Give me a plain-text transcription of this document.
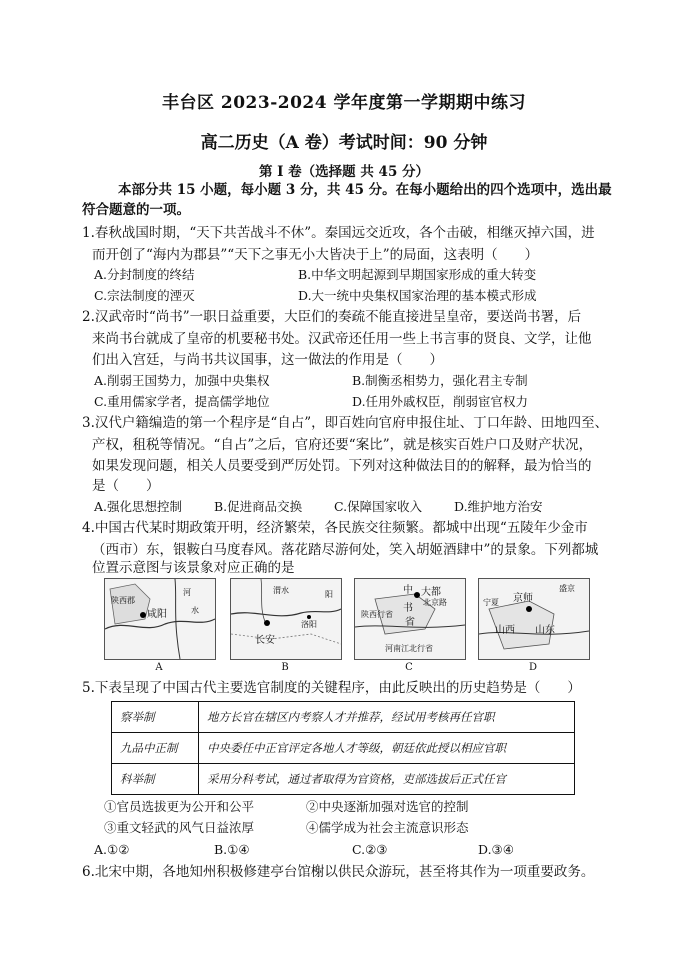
丰台区 2023-2024 学年度第一学期期中练习
高二历史（A 卷）考试时间：90 分钟
第 I 卷（选择题 共 45 分）
本部分共 15 小题，每小题 3 分，共 45 分。在每小题给出的四个选项中，选出最
符合题意的一项。
1.春秋战国时期，“天下共苦战斗不休”。秦国远交近攻，各个击破，相继灭掉六国，进
而开创了“海内为郡县”“天下之事无小大皆决于上”的局面，这表明（　　）
A.分封制度的终结	B.中华文明起源到早期国家形成的重大转变
C.宗法制度的湮灭	D.大一统中央集权国家治理的基本模式形成
2.汉武帝时“尚书”一职日益重要，大臣们的奏疏不能直接进呈皇帝，要送尚书署，后
来尚书台就成了皇帝的机要秘书处。汉武帝还任用一些上书言事的贤良、文学，让他
们出入宫廷，与尚书共议国事，这一做法的作用是（　　）
A.削弱王国势力，加强中央集权	B.制衡丞相势力，强化君主专制
C.重用儒家学者，提高儒学地位	D.任用外戚权臣，削弱宦官权力
3.汉代户籍编造的第一个程序是“自占”，即百姓向官府申报住址、丁口年龄、田地四至、
产权，租税等情况。“自占”之后，官府还要“案比”，就是核实百姓户口及财产状况，
如果发现问题，相关人员要受到严厉处罚。下列对这种做法目的的解释，最为恰当的
是（　　）
A.强化思想控制	B.促进商品交换	C.保障国家收入	D.维护地方治安
4.中国古代某时期政策开明，经济繁荣，各民族交往频繁。都城中出现“五陵年少金市
（西市）东，银鞍白马度春风。落花踏尽游何处，笑入胡姬酒肆中”的景象。下列都城
位置示意图与该景象对应正确的是
陕西郡
咸阳
河
水
A
长安
洛阳
渭水	阳
B
中
书
大都
北京路
陕西行省
省
河南江北行省
C
京师
盛京
山西 山东
宁夏
D
5.下表呈现了中国古代主要选官制度的关键程序，由此反映出的历史趋势是（　　）
察举制	地方长官在辖区内考察人才并推荐，经试用考核再任官职
九品中正制	中央委任中正官评定各地人才等级，朝廷依此授以相应官职
科举制	采用分科考试，通过者取得为官资格，吏部选拔后正式任官
①官员选拔更为公开和公平	②中央逐渐加强对选官的控制
③重文轻武的风气日益浓厚	④儒学成为社会主流意识形态
A.①②	B.①④	C.②③	D.③④
6.北宋中期，各地知州积极修建亭台馆榭以供民众游玩，甚至将其作为一项重要政务。
